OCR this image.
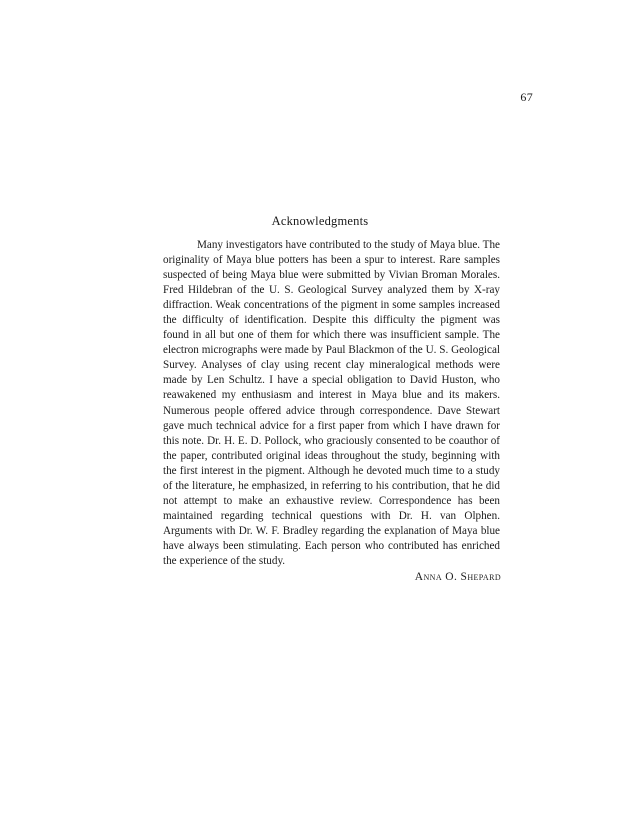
67
Acknowledgments

Many investigators have contributed to the study of Maya blue. The originality of Maya blue potters has been a spur to interest. Rare samples suspected of being Maya blue were submitted by Vivian Broman Morales. Fred Hildebran of the U. S. Geological Survey analyzed them by X-ray diffraction. Weak concentrations of the pigment in some samples increased the difficulty of identification. Despite this difficulty the pigment was found in all but one of them for which there was insufficient sample. The electron micrographs were made by Paul Blackmon of the U. S. Geological Survey. Analyses of clay using recent clay mineralogical methods were made by Len Schultz. I have a special obligation to David Huston, who reawakened my enthusiasm and interest in Maya blue and its makers. Numerous people offered advice through correspondence. Dave Stewart gave much technical advice for a first paper from which I have drawn for this note. Dr. H. E. D. Pollock, who graciously consented to be coauthor of the paper, contributed original ideas throughout the study, beginning with the first interest in the pigment. Although he devoted much time to a study of the literature, he emphasized, in referring to his contribution, that he did not attempt to make an exhaustive review. Correspondence has been maintained regarding technical questions with Dr. H. van Olphen. Arguments with Dr. W. F. Bradley regarding the explanation of Maya blue have always been stimulating. Each person who contributed has enriched the experience of the study.

Anna O. Shepard
